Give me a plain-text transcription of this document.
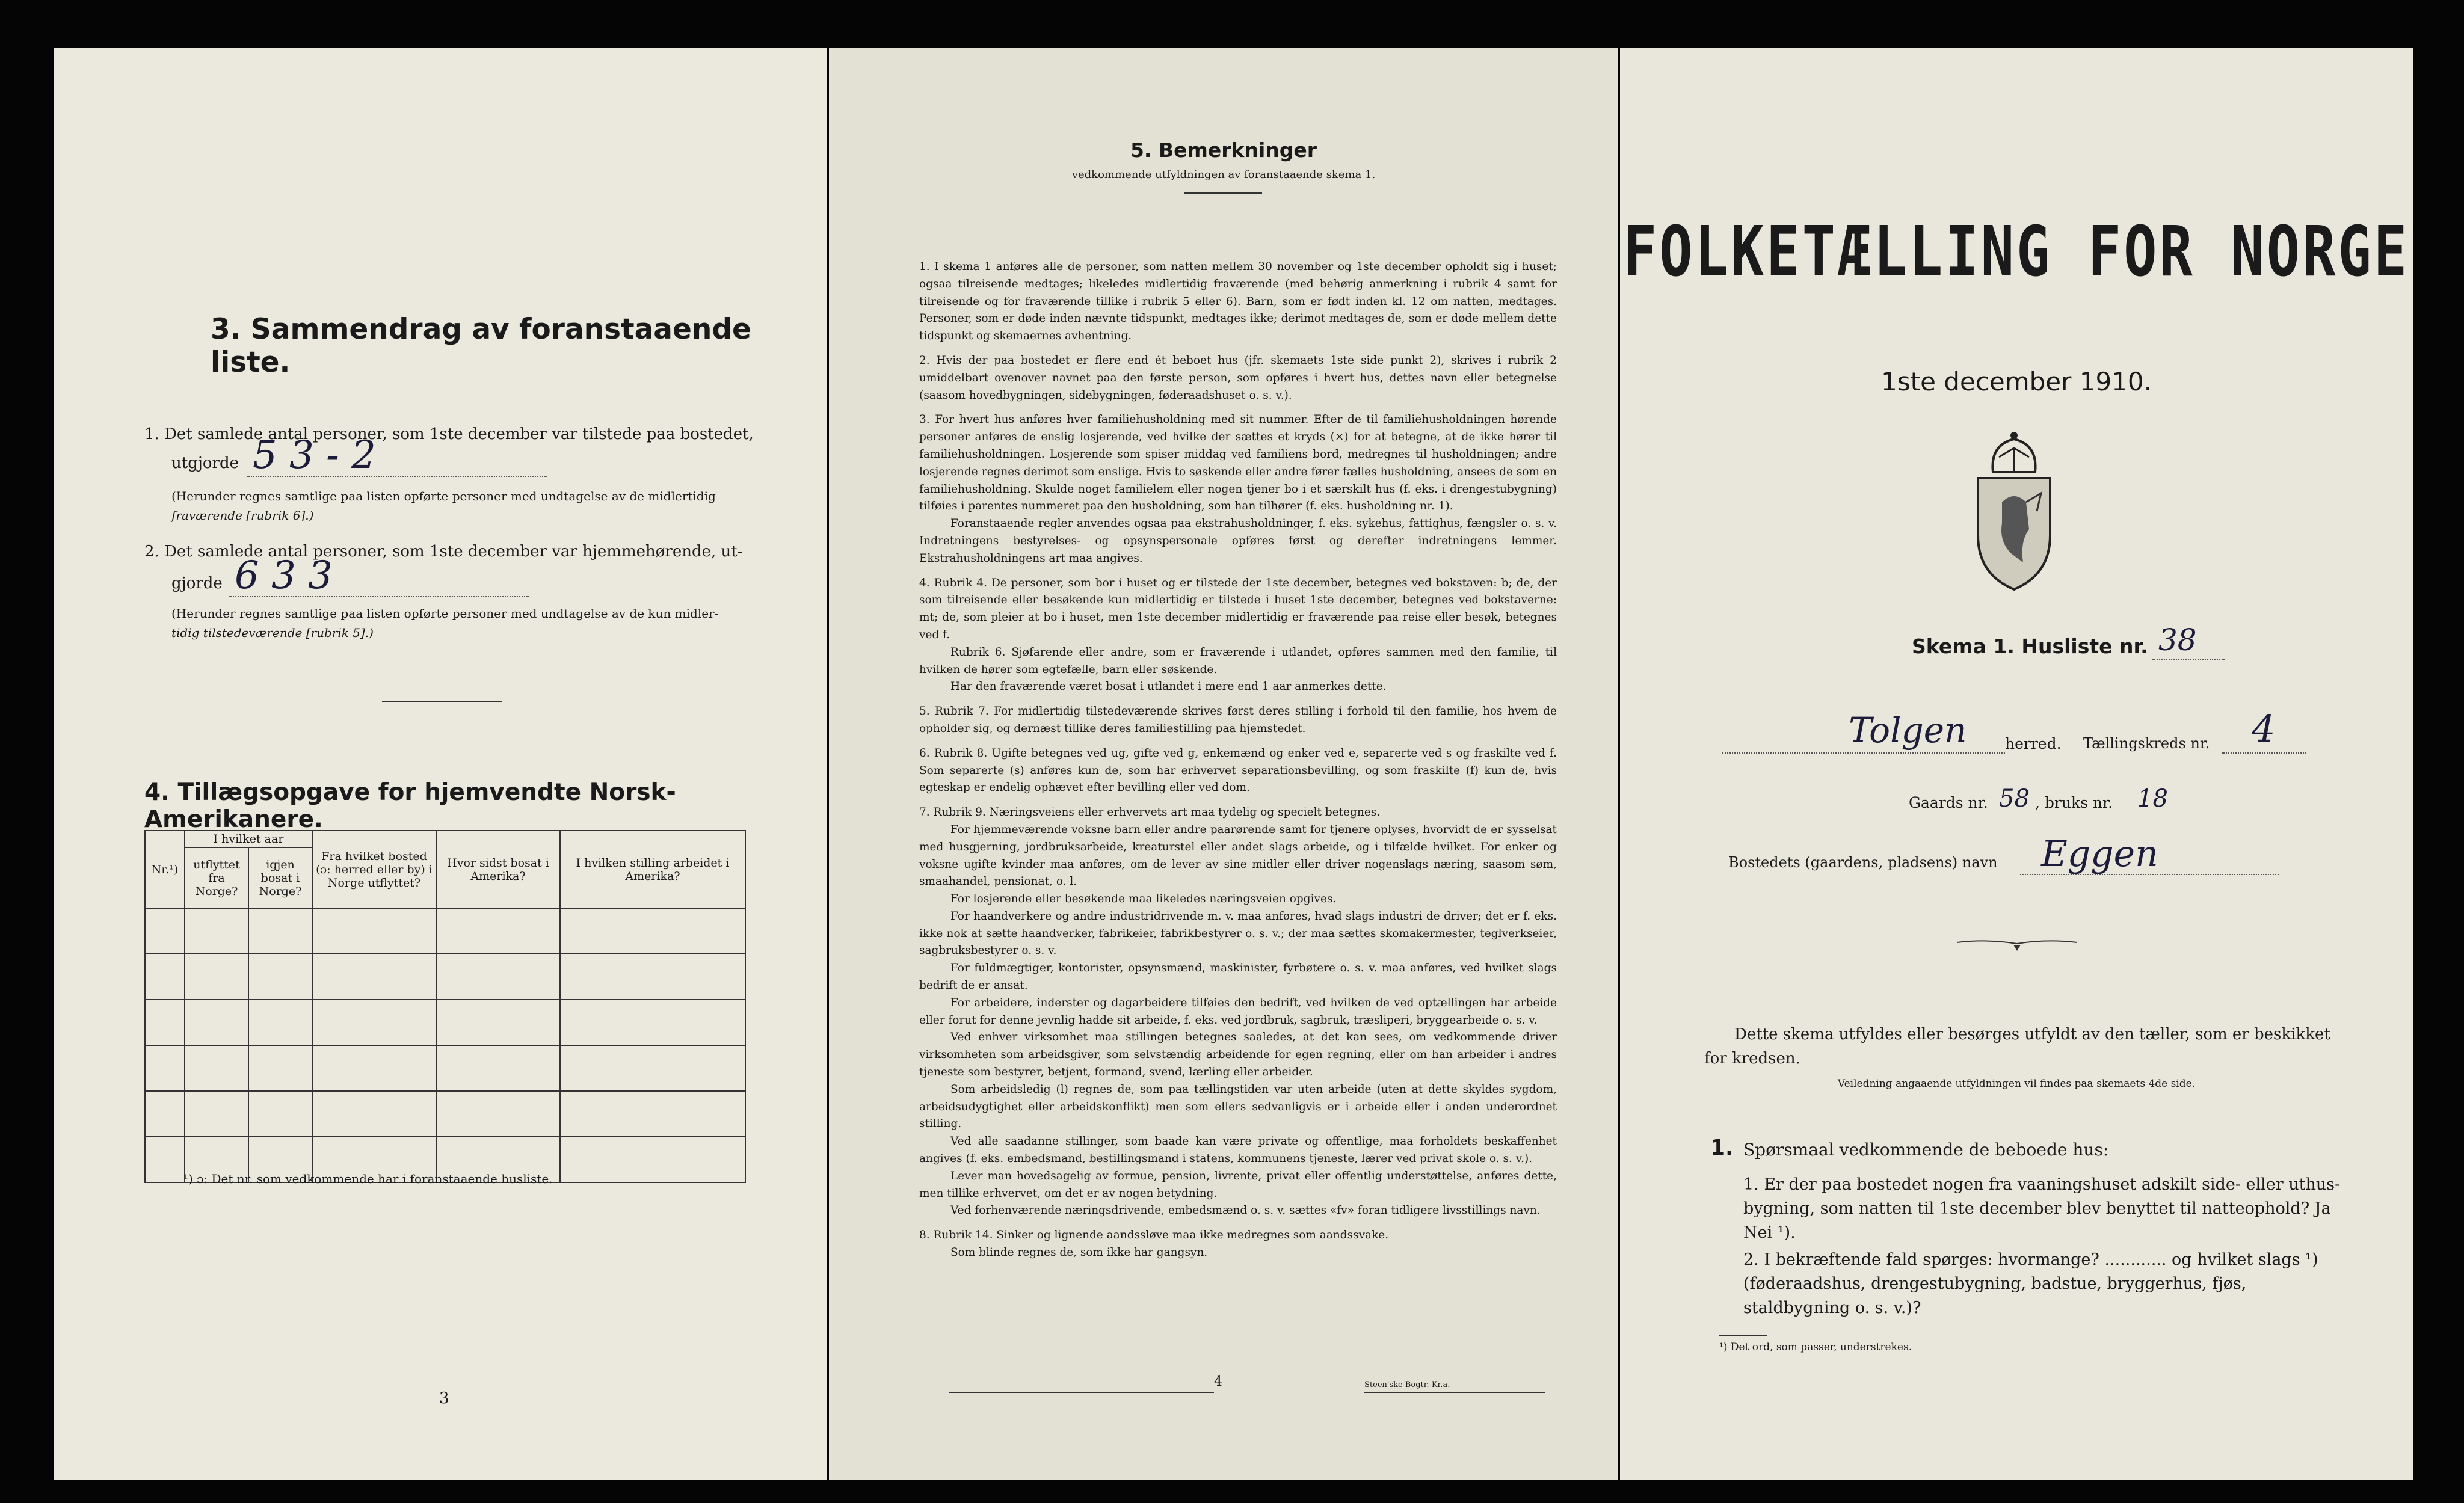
3. Sammendrag av foranstaaende liste.
1. Det samlede antal personer, som 1ste december var tilstede paa bostedet,
utgjorde 5 3 - 2
(Herunder regnes samtlige paa listen opførte personer med undtagelse av de midlertidig
fraværende [rubrik 6].)
2. Det samlede antal personer, som 1ste december var hjemmehørende, ut-
gjorde 6 3 3
(Herunder regnes samtlige paa listen opførte personer med undtagelse av de kun midler-
tidig tilstedeværende [rubrik 5].)
4. Tillægsopgave for hjemvendte Norsk-Amerikanere.
Nr.¹)	I hvilket aar		Fra hvilket bosted (ɔ: herred eller by) i Norge utflyttet?	Hvor sidst bosat i Amerika?	I hvilken stilling arbeidet i Amerika?
	utflyttet fra Norge?	igjen bosat i Norge?			

¹) ɔ: Det nr. som vedkommende har i foranstaaende husliste.
3
5. Bemerkninger
vedkommende utfyldningen av foranstaaende skema 1.

1. I skema 1 anføres alle de personer, som natten mellem 30 november og 1ste december opholdt sig i huset; ogsaa tilreisende medtages; likeledes midlertidig fraværende (med behørig anmerkning i rubrik 4 samt for tilreisende og for fraværende tillike i rubrik 5 eller 6). Barn, som er født inden kl. 12 om natten, medtages. Personer, som er døde inden nævnte tidspunkt, medtages ikke; derimot medtages de, som er døde mellem dette tidspunkt og skemaernes avhentning.

2. Hvis der paa bostedet er flere end ét beboet hus (jfr. skemaets 1ste side punkt 2), skrives i rubrik 2 umiddelbart ovenover navnet paa den første person, som opføres i hvert hus, dettes navn eller betegnelse (saasom hovedbygningen, sidebygningen, føderaadshuset o. s. v.).

3. For hvert hus anføres hver familiehusholdning med sit nummer. Efter de til familiehusholdningen hørende personer anføres de enslig losjerende, ved hvilke der sættes et kryds (×) for at betegne, at de ikke hører til familiehusholdningen. Losjerende som spiser middag ved familiens bord, medregnes til husholdningen; andre losjerende regnes derimot som enslige. Hvis to søskende eller andre fører fælles husholdning, ansees de som en familiehusholdning. Skulde noget familielem eller nogen tjener bo i et særskilt hus (f. eks. i drengestubygning) tilføies i parentes nummeret paa den husholdning, som han tilhører (f. eks. husholdning nr. 1).

Foranstaaende regler anvendes ogsaa paa ekstrahusholdninger, f. eks. sykehus, fattighus, fængsler o. s. v. Indretningens bestyrelses- og opsynspersonale opføres først og derefter indretningens lemmer. Ekstrahusholdningens art maa angives.

4. Rubrik 4. De personer, som bor i huset og er tilstede der 1ste december, betegnes ved bokstaven: b; de, der som tilreisende eller besøkende kun midlertidig er tilstede i huset 1ste december, betegnes ved bokstaverne: mt; de, som pleier at bo i huset, men 1ste december midlertidig er fraværende paa reise eller besøk, betegnes ved f.

Rubrik 6. Sjøfarende eller andre, som er fraværende i utlandet, opføres sammen med den familie, til hvilken de hører som egtefælle, barn eller søskende.

Har den fraværende været bosat i utlandet i mere end 1 aar anmerkes dette.

5. Rubrik 7. For midlertidig tilstedeværende skrives først deres stilling i forhold til den familie, hos hvem de opholder sig, og dernæst tillike deres familiestilling paa hjemstedet.

6. Rubrik 8. Ugifte betegnes ved ug, gifte ved g, enkemænd og enker ved e, separerte ved s og fraskilte ved f. Som separerte (s) anføres kun de, som har erhvervet separationsbevilling, og som fraskilte (f) kun de, hvis egteskap er endelig ophævet efter bevilling eller ved dom.

7. Rubrik 9. Næringsveiens eller erhvervets art maa tydelig og specielt betegnes.

For hjemmeværende voksne barn eller andre paarørende samt for tjenere oplyses, hvorvidt de er sysselsat med husgjerning, jordbruksarbeide, kreaturstel eller andet slags arbeide, og i tilfælde hvilket. For enker og voksne ugifte kvinder maa anføres, om de lever av sine midler eller driver nogenslags næring, saasom søm, smaahandel, pensionat, o. l.

For losjerende eller besøkende maa likeledes næringsveien opgives.

For haandverkere og andre industridrivende m. v. maa anføres, hvad slags industri de driver; det er f. eks. ikke nok at sætte haandverker, fabrikeier, fabrikbestyrer o. s. v.; der maa sættes skomakermester, teglverkseier, sagbruksbestyrer o. s. v.

For fuldmægtiger, kontorister, opsynsmænd, maskinister, fyrbøtere o. s. v. maa anføres, ved hvilket slags bedrift de er ansat.

For arbeidere, inderster og dagarbeidere tilføies den bedrift, ved hvilken de ved optællingen har arbeide eller forut for denne jevnlig hadde sit arbeide, f. eks. ved jordbruk, sagbruk, træsliperi, bryggearbeide o. s. v.

Ved enhver virksomhet maa stillingen betegnes saaledes, at det kan sees, om vedkommende driver virksomheten som arbeidsgiver, som selvstændig arbeidende for egen regning, eller om han arbeider i andres tjeneste som bestyrer, betjent, formand, svend, lærling eller arbeider.

Som arbeidsledig (l) regnes de, som paa tællingstiden var uten arbeide (uten at dette skyldes sygdom, arbeidsudygtighet eller arbeidskonflikt) men som ellers sedvanligvis er i arbeide eller i anden underordnet stilling.

Ved alle saadanne stillinger, som baade kan være private og offentlige, maa forholdets beskaffenhet angives (f. eks. embedsmand, bestillingsmand i statens, kommunens tjeneste, lærer ved privat skole o. s. v.).

Lever man hovedsagelig av formue, pension, livrente, privat eller offentlig understøttelse, anføres dette, men tillike erhvervet, om det er av nogen betydning.

Ved forhenværende næringsdrivende, embedsmænd o. s. v. sættes «fv» foran tidligere livsstillings navn.

8. Rubrik 14. Sinker og lignende aandssløve maa ikke medregnes som aandssvake.

Som blinde regnes de, som ikke har gangsyn.

4	Steen'ske Bogtr. Kr.a.
FOLKETÆLLING FOR NORGE
1ste december 1910.
Skema 1. Husliste nr. 38
Tolgen	herred. Tællingskreds nr. 4
Gaards nr. 58 , bruks nr. 18
Bostedets (gaardens, pladsens) navn Eggen
Dette skema utfyldes eller besørges utfyldt av den tæller, som er beskikket for kredsen.
Veiledning angaaende utfyldningen vil findes paa skemaets 4de side.
1. Spørsmaal vedkommende de beboede hus:
1. Er der paa bostedet nogen fra vaaningshuset adskilt side- eller uthus-bygning, som natten til 1ste december blev benyttet til natteophold? Ja Nei ¹).
2. I bekræftende fald spørges: hvormange? ............ og hvilket slags ¹) (føderaadshus, drengestubygning, badstue, bryggerhus, fjøs, staldbygning o. s. v.)?
¹) Det ord, som passer, understrekes.
